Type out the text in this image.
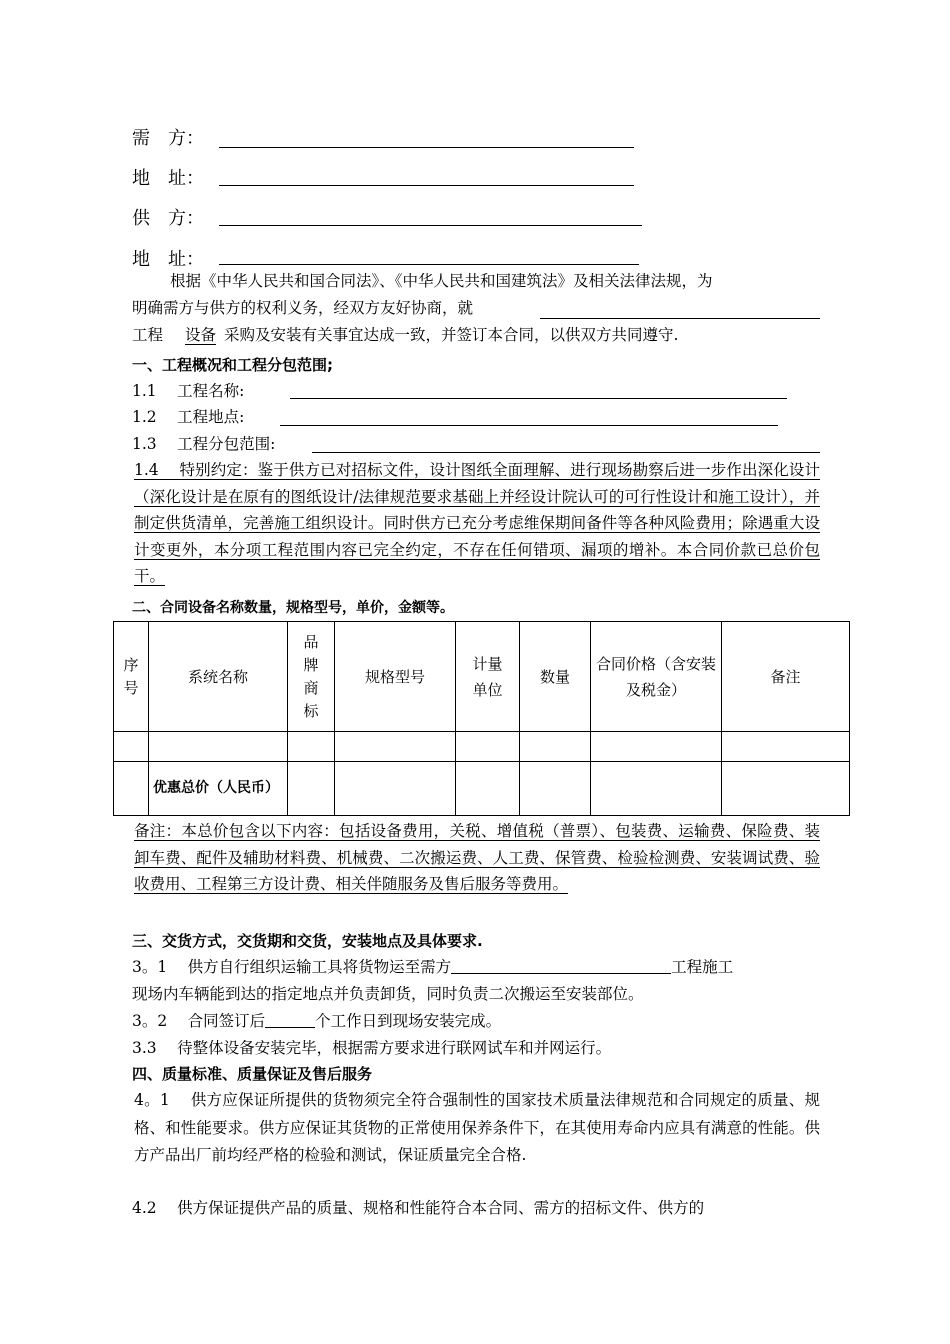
需　方：
地　址：
供　方：
地　址：
根据《中华人民共和国合同法》、《中华人民共和国建筑法》及相关法律法规，为
明确需方与供方的权利义务，经双方友好协商，就
工程 设备 采购及安装有关事宜达成一致，并签订本合同，以供双方共同遵守.
一、工程概况和工程分包范围;
1.1　 工程名称:
1.2　 工程地点:
1.3　 工程分包范围:
1.4　 特别约定：鉴于供方已对招标文件，设计图纸全面理解、进行现场勘察后进一步作出深化设计（深化设计是在原有的图纸设计/法律规范要求基础上并经设计院认可的可行性设计和施工设计），并制定供货清单，完善施工组织设计。同时供方已充分考虑维保期间备件等各种风险费用；除遇重大设计变更外，本分项工程范围内容已完全约定，不存在任何错项、漏项的增补。本合同价款已总价包干。
二、合同设备名称数量，规格型号，单价，金额等。
序号	系统名称	品牌商标	规格型号	计量单位	数量	合同价格（含安装及税金）	备注

	优惠总价（人民币）						
备注：本总价包含以下内容：包括设备费用，关税、增值税（普票）、包装费、运输费、保险费、装卸车费、配件及辅助材料费、机械费、二次搬运费、人工费、保管费、检验检测费、安装调试费、验收费用、工程第三方设计费、相关伴随服务及售后服务等费用。
三、交货方式，交货期和交货，安装地点及具体要求.
3。1　 供方自行组织运输工具将货物运至需方	工程施工
现场内车辆能到达的指定地点并负责卸货，同时负责二次搬运至安装部位。
3。2　 合同签订后	个工作日到现场安装完成。
3.3　 待整体设备安装完毕，根据需方要求进行联网试车和并网运行。
四、质量标准、质量保证及售后服务
4。1　 供方应保证所提供的货物须完全符合强制性的国家技术质量法律规范和合同规定的质量、规格、和性能要求。供方应保证其货物的正常使用保养条件下，在其使用寿命内应具有满意的性能。供方产品出厂前均经严格的检验和测试，保证质量完全合格.
4.2　 供方保证提供产品的质量、规格和性能符合本合同、需方的招标文件、供方的
